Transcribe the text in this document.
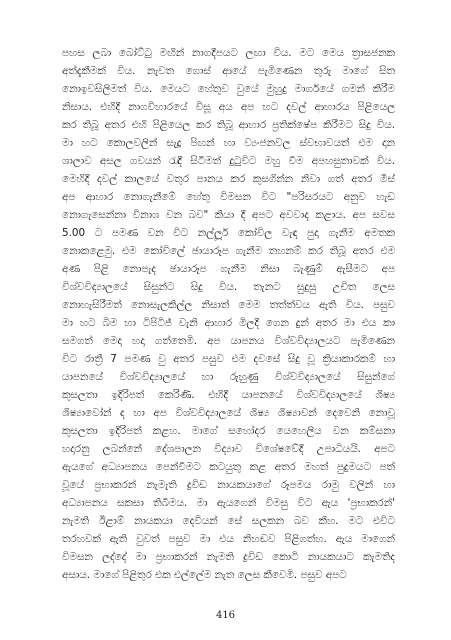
පහස ලබා බෝට්ටු මඟින් නාගදීපයට ලඟා විය. මට මෙය ත්‍රාසජනක
අත්දැකීමක් විය. නැවත ගොස් ආයේ පැමිණෙන තුරු මාගේ සිත
නොඉවසිලිමත් විය. මෙයට හේතුව වුයේ මුහුදු මාර්ගයේ ගමන් කිරීම
නිසාය. එහිදී නාගවිහාරයේ විසූ අය අප හට දවල් ආහාරය පිළියෙල
කර තිබූ අතර එහි පිළියෙල කර තිබූ ආහාර ප්‍රතික්ෂේප කිරීමට සිදු විය.
මා හට කොලවලින් සැදූ පිඟන් හා ව්‍යංජනවල ස්වභාවයත් එම දාන
ශාලාව අසල ගවයන් රැඳී සිටීමත් දුටුවිට මහු වීම අපහසුතාවක් විය.
මෙහිදී දවල් කාලයේ වතුර පානය කර කුසගින්න නිවා ගත් අතර මීස්
අප ආහාර නොගැනීමේ හේතු විමසන විට "පරිසරයට අනුව හැඩ
නොගැසෙන්නා විනාශ වන බව" කියා දී අපට අවවාද කළාය. අප සවස
5.00 ට පමණ වන විට නල්ලූර් කෝවිල වැඳ පුදා ගැනීම අමතක
නොකළෙමු. එම කෝවිලේ ඡායාරූප ගැනීම තහනම් කර තිබූ අතර එම
අණ පිළි නොපැද ඡායාරූප ගැනීම නිසා බැණුම් ඇසීමට අප
විශ්වවිද්‍යාලයේ සිසුන්ට සිදු විය. තැනට සුදුසු උචිත ලෙස
නොහැසිරීමත් නොසැලකිල්ල නිසාත් මෙම තත්ත්වය ඇති විය. පසුව
මා හට බිම හා ටිපිටිජ් වැනි ආහාර මිලදී ගෙන දුන් අතර මා එය කා
සමගත් මෙදා හදා ගත්තෙමි. අප යාපනය විශ්වවිද්‍යාලයට පැමිණෙන
විට රාත්‍රී 7 පමණ වු අතර පසුව එම දවසේ සිදු වූ ක්‍රියාකාරකම් හා
යාපනයේ විශ්වවිද්‍යාලයේ හා රුහුණු විශ්වවිද්‍යාලයේ සිසුන්ගේ
කුසලතා ඉදිරිපත් කෙරිණි. එහිදී යාපනයේ විශ්වවිද්‍යාලයේ ශිෂ්‍ය
ශිෂ්‍යාවෝන් ද හා අප විශ්වවිද්‍යාලයේ ශිෂ්‍ය ශිෂ්‍යාවන් දෙවෙනි නොවූ
කුසලතා ඉදිරිපත් කළහ. මාගේ සහෝදර යෙහෙලිය වන කම්සනා
හදාරනු ලබන්නේ දේශපාලන විද්‍යාව විශේෂවේදී උපාධියයි. අපට
ඇයගේ අධ්‍යාපනය පෙන්වීමට කටයුතු කළ අතර මහත් පුදුමයට පත්
වූයේ ප්‍රභාකරන් නැමැති ද්‍රවිඩ නායකයාගේ රූපමය රාමු වලින් හා
අධ්‍යාපනය සකසා තිබීමය. මා ඇයගෙන් විමසු විට ඇය 'ප්‍රභාකරන්'
නැමති ඊළාම් නායකයා දෙවියන් සේ සලකන බව කීහ. මට එවිට
තරහවක් ඇති වුවත් පසුව මා එය නිහඬව පිළිගත්හ. ඇය මාගෙන්
විමසන ලද්දේ මා ප්‍රභාකරන් නැමති ද්‍රවිඩ කොටි නායකයාට කැමතිද
අසාය. මාගේ පිළිතුර එක එල්ලේම නැත ලෙස කීවෙමි. පසුව අපට
416
